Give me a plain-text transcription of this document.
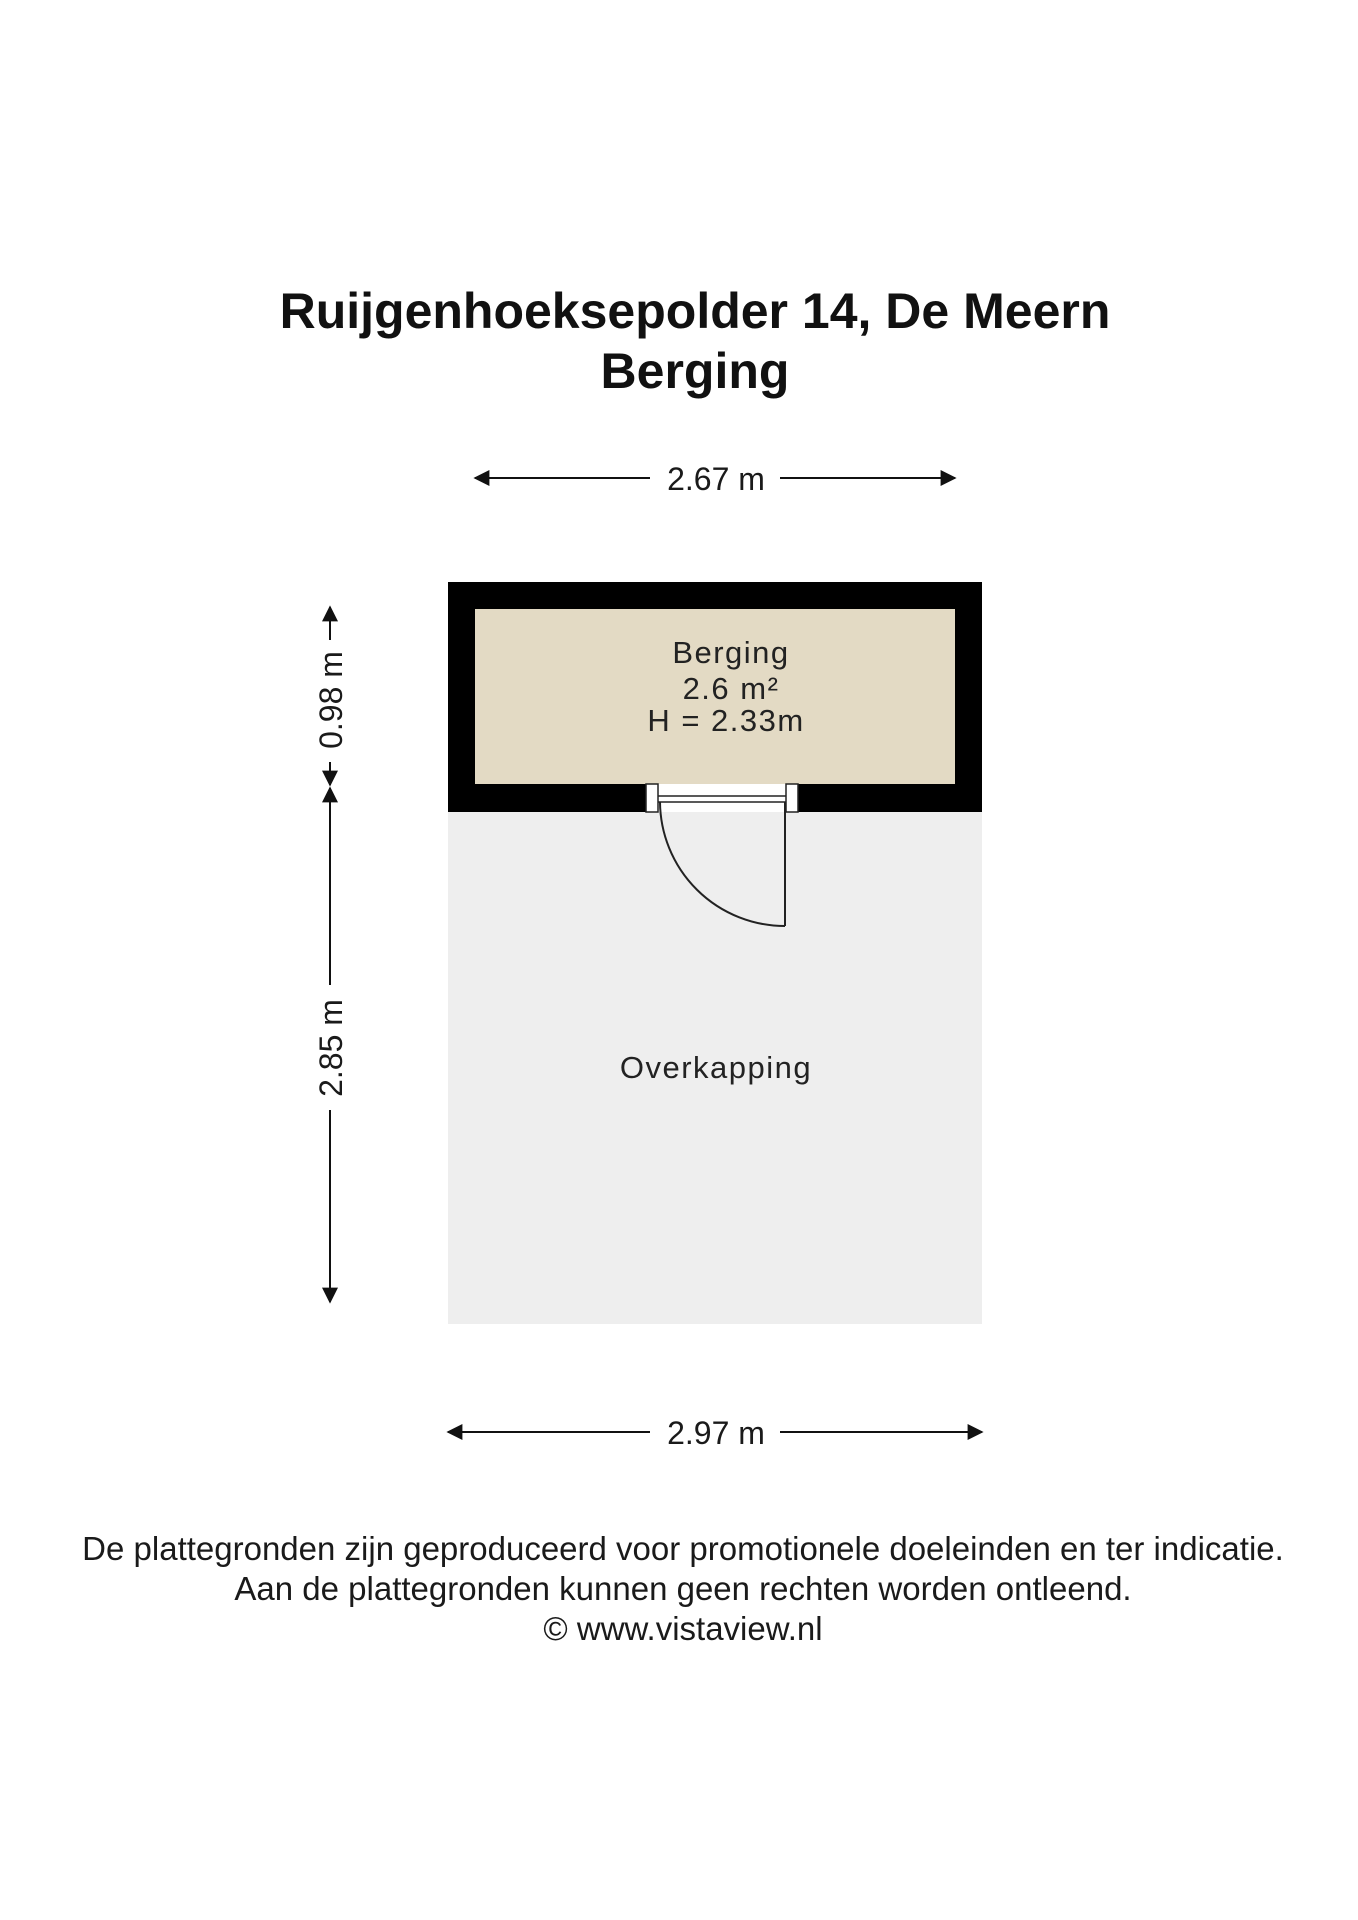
Ruijgenhoeksepolder 14, De Meern
Berging
2.67 m
Berging
2.6 m²
H = 2.33m
Overkapping
0.98 m
2.85 m
2.97 m
De plattegronden zijn geproduceerd voor promotionele doeleinden en ter indicatie.
Aan de plattegronden kunnen geen rechten worden ontleend.
© www.vistaview.nl
